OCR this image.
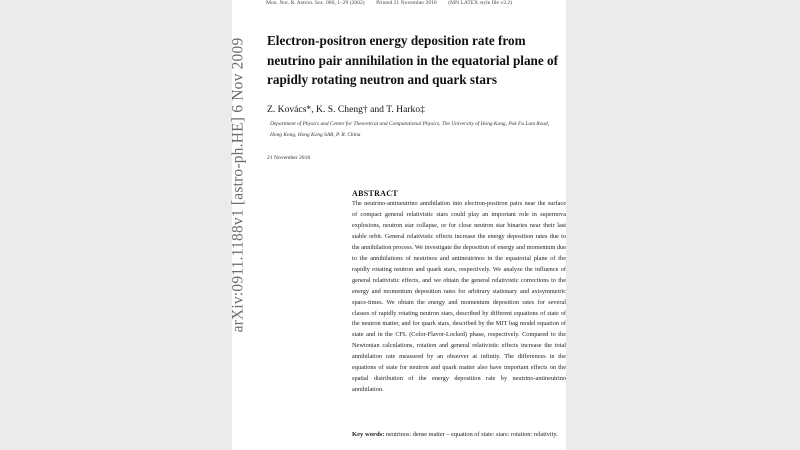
arXiv:0911.1188v1 [astro-ph.HE] 6 Nov 2009
Mon. Not. R. Astron. Soc. 000, 1–29 (2002) Printed 21 November 2018 (MN LATEX style file v2.2)
Electron-positron energy deposition rate from neutrino pair annihilation in the equatorial plane of rapidly rotating neutron and quark stars
Z. Kovács*, K. S. Cheng† and T. Harko‡
Department of Physics and Center for Theoretical and Computational Physics, The University of Hong Kong, Pok Fu Lam Road, Hong Kong, Hong Kong SAR, P. R. China
21 November 2018
ABSTRACT
The neutrino-antineutrino annihilation into electron-positron pairs near the surface of compact general relativistic stars could play an important role in supernova explosions, neutron star collapse, or for close neutron star binaries near their last stable orbit. General relativistic effects increase the energy deposition rates due to the annihilation process. We investigate the deposition of energy and momentum due to the annihilations of neutrinos and antineutrinos in the equatorial plane of the rapidly rotating neutron and quark stars, respectively. We analyze the influence of general relativistic effects, and we obtain the general relativistic corrections to the energy and momentum deposition rates for arbitrary stationary and axisymmetric space-times. We obtain the energy and momentum deposition rates for several classes of rapidly rotating neutron stars, described by different equations of state of the neutron matter, and for quark stars, described by the MIT bag model equation of state and in the CFL (Color-Flavor-Locked) phase, respectively. Compared to the Newtonian calculations, rotation and general relativistic effects increase the total annihilation rate measured by an observer at infinity. The differences in the equations of state for neutron and quark matter also have important effects on the spatial distribution of the energy deposition rate by neutrino-antineutrino annihilation.
Key words: neutrinos: dense matter – equation of state: stars: rotation: relativity.
